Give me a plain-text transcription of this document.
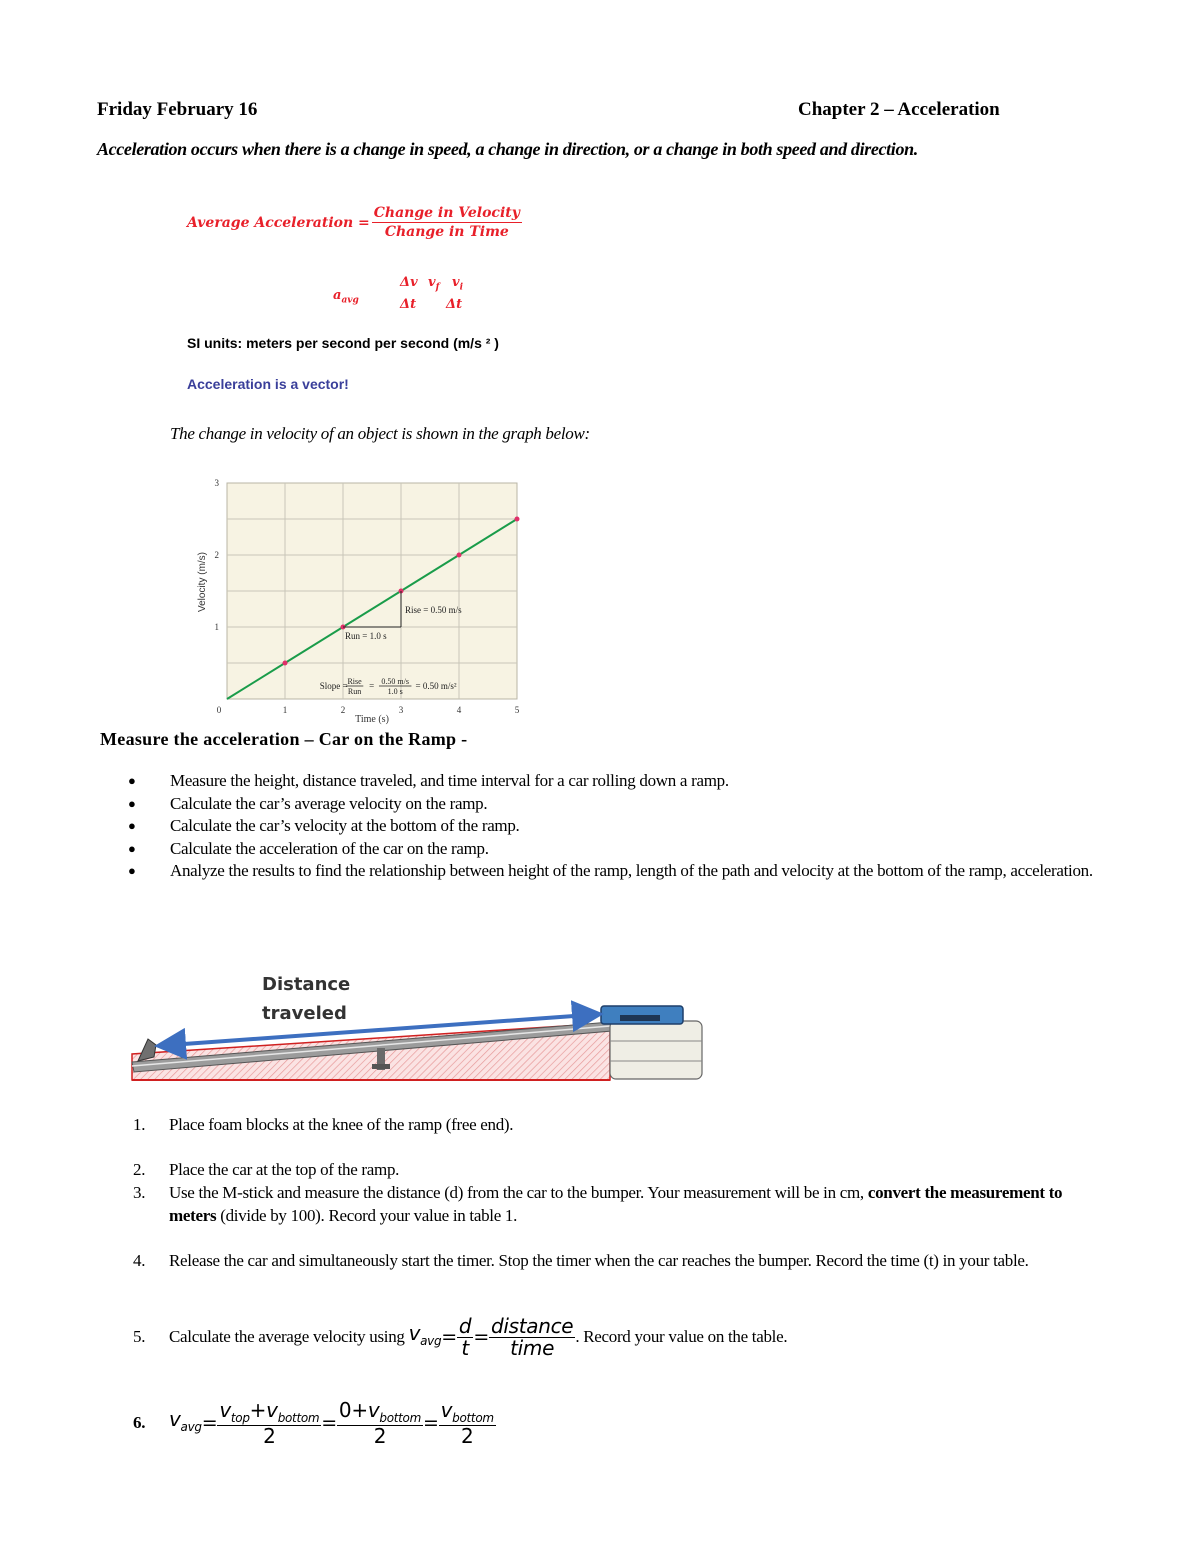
Friday February 16	Chapter 2 – Acceleration
Acceleration occurs when there is a change in speed, a change in direction, or a change in both speed and direction.
Average Acceleration = $\frac{\text{Change in Velocity}}{\text{Change in Time}}$
$a_{avg}$
Δv
Δt
$v_f$ $v_i$
Δt
SI units: meters per second per second (m/s ² )
Acceleration is a vector!
The change in velocity of an object is shown in the graph below:
0	1	2	3	4	5
1
2
3
Rise = 0.50 m/s
Run = 1.0 s
Slope = Rise
Run
= 0.50 m/s
1.0 s
= 0.50 m/s²
Velocity (m/s)
Time (s)
Measure the acceleration – Car on the Ramp -
● Measure the height, distance traveled, and time interval for a car rolling down a ramp.
● Calculate the car’s average velocity on the ramp.
● Calculate the car’s velocity at the bottom of the ramp.
● Calculate the acceleration of the car on the ramp.
● Analyze the results to find the relationship between height of the ramp, length of the path and velocity at the bottom of the ramp, acceleration.
Distance
traveled
1.	Place foam blocks at the knee of the ramp (free end).
2.	Place the car at the top of the ramp.
3.	Use the M-stick and measure the distance (d) from the car to the bumper. Your measurement will be in cm, convert the measurement to meters (divide by 100). Record your value in table 1.
4.	Release the car and simultaneously start the timer. Stop the timer when the car reaches the bumper. Record the time (t) in your table.
5.	Calculate the average velocity using $v_{avg} = \frac{d}{t} = \frac{\text{distance}}{\text{time}}$ . Record your value on the table.
6.	$v_{avg} = \frac{v_{top}+v_{bottom}}{2} = \frac{0+v_{bottom}}{2} = \frac{v_{bottom}}{2}$
